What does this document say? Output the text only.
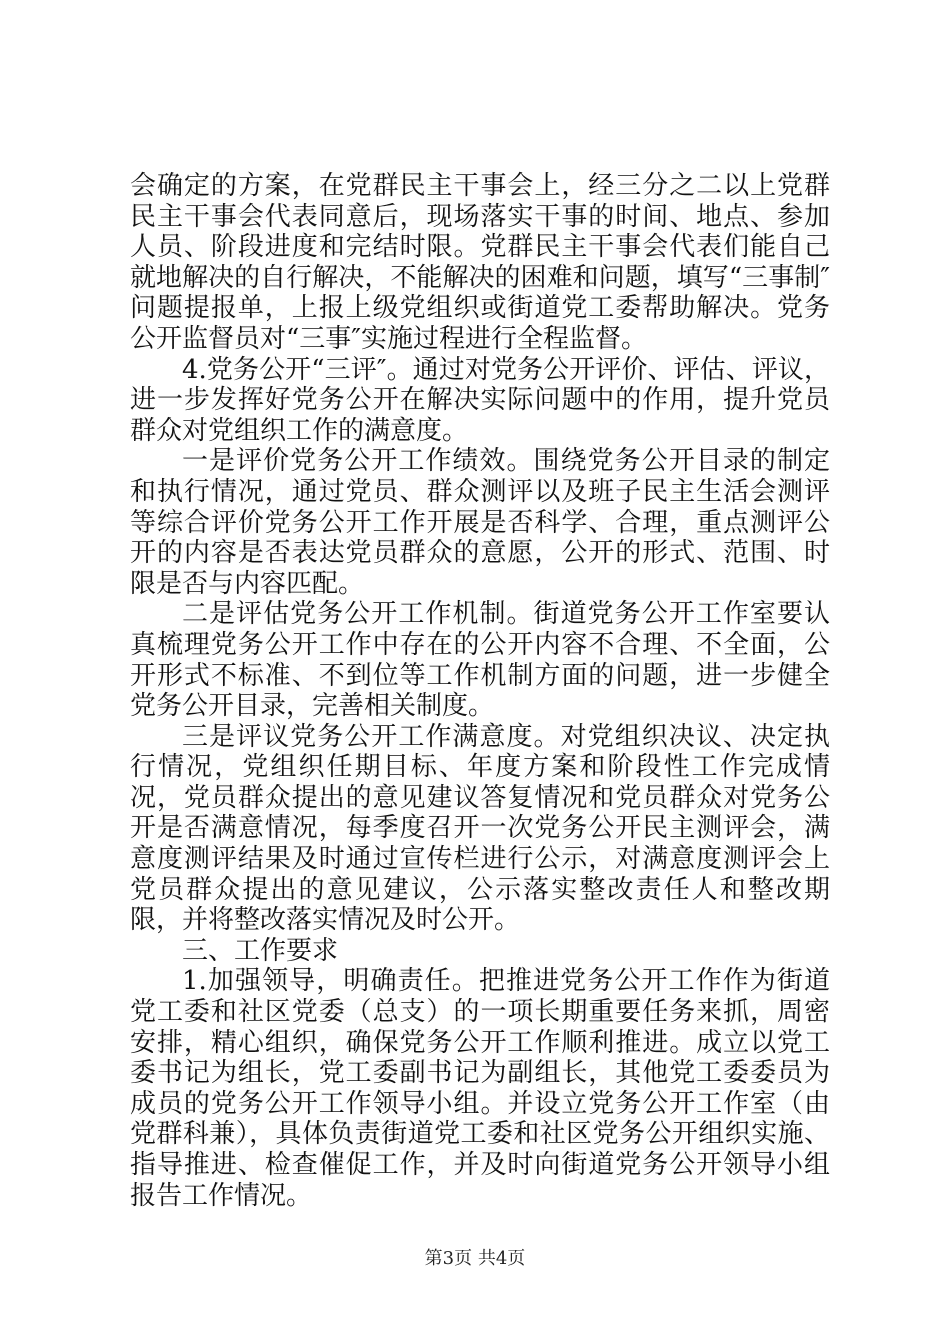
会确定的方案，在党群民主干事会上，经三分之二以上党群民主干事会代表同意后，现场落实干事的时间、地点、参加人员、阶段进度和完结时限。党群民主干事会代表们能自己就地解决的自行解决，不能解决的困难和问题，填写“三事制″问题提报单，上报上级党组织或街道党工委帮助解决。党务公开监督员对“三事″实施过程进行全程监督。

4.党务公开“三评″。通过对党务公开评价、评估、评议，进一步发挥好党务公开在解决实际问题中的作用，提升党员群众对党组织工作的满意度。

一是评价党务公开工作绩效。围绕党务公开目录的制定和执行情况，通过党员、群众测评以及班子民主生活会测评等综合评价党务公开工作开展是否科学、合理，重点测评公开的内容是否表达党员群众的意愿，公开的形式、范围、时限是否与内容匹配。

二是评估党务公开工作机制。街道党务公开工作室要认真梳理党务公开工作中存在的公开内容不合理、不全面，公开形式不标准、不到位等工作机制方面的问题，进一步健全党务公开目录，完善相关制度。

三是评议党务公开工作满意度。对党组织决议、决定执行情况，党组织任期目标、年度方案和阶段性工作完成情况，党员群众提出的意见建议答复情况和党员群众对党务公开是否满意情况，每季度召开一次党务公开民主测评会，满意度测评结果及时通过宣传栏进行公示，对满意度测评会上党员群众提出的意见建议，公示落实整改责任人和整改期限，并将整改落实情况及时公开。

三、工作要求

1.加强领导，明确责任。把推进党务公开工作作为街道党工委和社区党委（总支）的一项长期重要任务来抓，周密安排，精心组织，确保党务公开工作顺利推进。成立以党工委书记为组长，党工委副书记为副组长，其他党工委委员为成员的党务公开工作领导小组。并设立党务公开工作室（由党群科兼），具体负责街道党工委和社区党务公开组织实施、指导推进、检查催促工作，并及时向街道党务公开领导小组报告工作情况。

第3页 共4页
